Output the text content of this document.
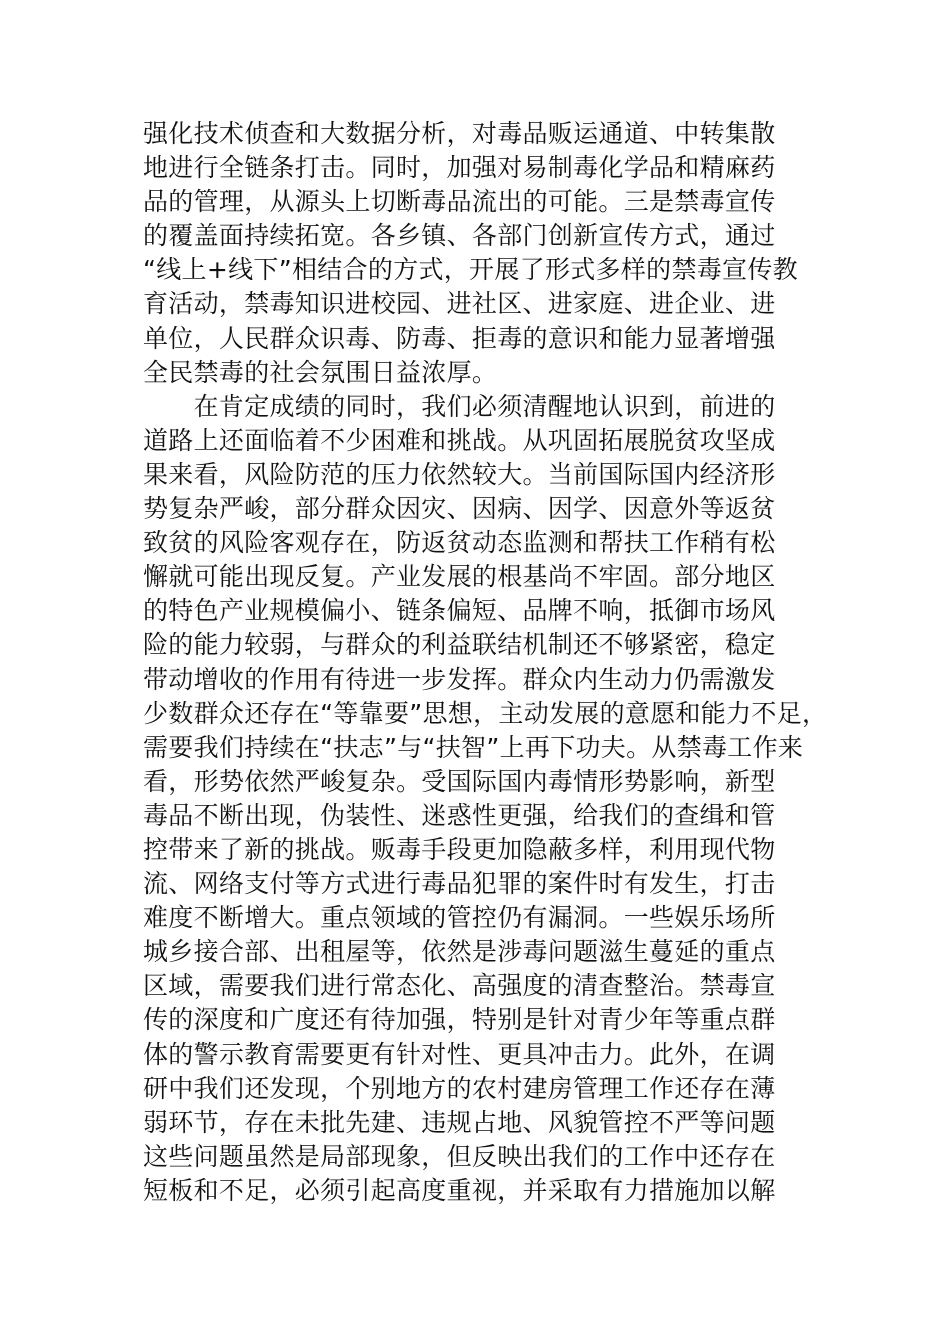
强化技术侦查和大数据分析，对毒品贩运通道、中转集散
地进行全链条打击。同时，加强对易制毒化学品和精麻药
品的管理，从源头上切断毒品流出的可能。三是禁毒宣传
的覆盖面持续拓宽。各乡镇、各部门创新宣传方式，通过
“线上+线下”相结合的方式，开展了形式多样的禁毒宣传教
育活动，禁毒知识进校园、进社区、进家庭、进企业、进
单位，人民群众识毒、防毒、拒毒的意识和能力显著增强
全民禁毒的社会氛围日益浓厚。
　　在肯定成绩的同时，我们必须清醒地认识到，前进的
道路上还面临着不少困难和挑战。从巩固拓展脱贫攻坚成
果来看，风险防范的压力依然较大。当前国际国内经济形
势复杂严峻，部分群众因灾、因病、因学、因意外等返贫
致贫的风险客观存在，防返贫动态监测和帮扶工作稍有松
懈就可能出现反复。产业发展的根基尚不牢固。部分地区
的特色产业规模偏小、链条偏短、品牌不响，抵御市场风
险的能力较弱，与群众的利益联结机制还不够紧密，稳定
带动增收的作用有待进一步发挥。群众内生动力仍需激发
少数群众还存在“等靠要”思想，主动发展的意愿和能力不足，
需要我们持续在“扶志”与“扶智”上再下功夫。从禁毒工作来
看，形势依然严峻复杂。受国际国内毒情形势影响，新型
毒品不断出现，伪装性、迷惑性更强，给我们的查缉和管
控带来了新的挑战。贩毒手段更加隐蔽多样，利用现代物
流、网络支付等方式进行毒品犯罪的案件时有发生，打击
难度不断增大。重点领域的管控仍有漏洞。一些娱乐场所
城乡接合部、出租屋等，依然是涉毒问题滋生蔓延的重点
区域，需要我们进行常态化、高强度的清查整治。禁毒宣
传的深度和广度还有待加强，特别是针对青少年等重点群
体的警示教育需要更有针对性、更具冲击力。此外，在调
研中我们还发现，个别地方的农村建房管理工作还存在薄
弱环节，存在未批先建、违规占地、风貌管控不严等问题
这些问题虽然是局部现象，但反映出我们的工作中还存在
短板和不足，必须引起高度重视，并采取有力措施加以解
